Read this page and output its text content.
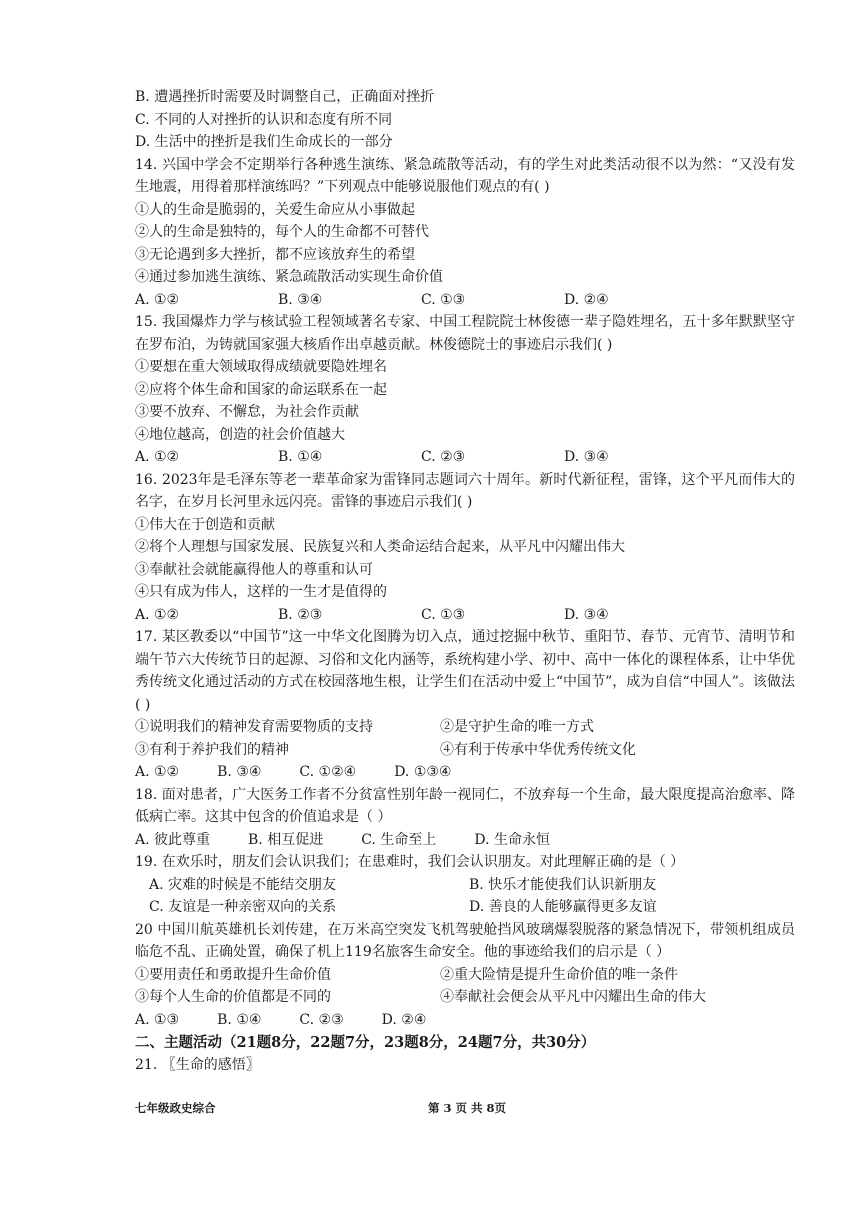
B. 遭遇挫折时需要及时调整自己，正确面对挫折
C. 不同的人对挫折的认识和态度有所不同
D. 生活中的挫折是我们生命成长的一部分
14. 兴国中学会不定期举行各种逃生演练、紧急疏散等活动，有的学生对此类活动很不以为然：“又没有发生地震，用得着那样演练吗？”下列观点中能够说服他们观点的有( )
①人的生命是脆弱的，关爱生命应从小事做起
②人的生命是独特的，每个人的生命都不可替代
③无论遇到多大挫折，都不应该放弃生的希望
④通过参加逃生演练、紧急疏散活动实现生命价值
A. ①②	B. ③④	C. ①③	D. ②④
15. 我国爆炸力学与核试验工程领域著名专家、中国工程院院士林俊德一辈子隐姓埋名，五十多年默默坚守在罗布泊，为铸就国家强大核盾作出卓越贡献。林俊德院士的事迹启示我们( )
①要想在重大领域取得成绩就要隐姓埋名
②应将个体生命和国家的命运联系在一起
③要不放弃、不懈怠，为社会作贡献
④地位越高，创造的社会价值越大
A. ①②	B. ①④	C. ②③	D. ③④
16. 2023年是毛泽东等老一辈革命家为雷锋同志题词六十周年。新时代新征程，雷锋，这个平凡而伟大的名字，在岁月长河里永远闪亮。雷锋的事迹启示我们( )
①伟大在于创造和贡献
②将个人理想与国家发展、民族复兴和人类命运结合起来，从平凡中闪耀出伟大
③奉献社会就能赢得他人的尊重和认可
④只有成为伟人，这样的一生才是值得的
A. ①②	B. ②③	C. ①③	D. ③④
17. 某区教委以“中国节”这一中华文化图腾为切入点，通过挖掘中秋节、重阳节、春节、元宵节、清明节和端午节六大传统节日的起源、习俗和文化内涵等，系统构建小学、初中、高中一体化的课程体系，让中华优秀传统文化通过活动的方式在校园落地生根，让学生们在活动中爱上“中国节”，成为自信“中国人”。该做法( )
①说明我们的精神发育需要物质的支持	②是守护生命的唯一方式
③有利于养护我们的精神	④有利于传承中华优秀传统文化
A. ①②	B. ③④	C. ①②④	D. ①③④
18. 面对患者，广大医务工作者不分贫富性别年龄一视同仁，不放弃每一个生命，最大限度提高治愈率、降低病亡率。这其中包含的价值追求是（ ）
A. 彼此尊重	B. 相互促进	C. 生命至上	D. 生命永恒
19. 在欢乐时，朋友们会认识我们；在患难时，我们会认识朋友。对此理解正确的是（ ）
A. 灾难的时候是不能结交朋友	B. 快乐才能使我们认识新朋友
C. 友谊是一种亲密双向的关系	D. 善良的人能够赢得更多友谊
20 中国川航英雄机长刘传建，在万米高空突发飞机驾驶舱挡风玻璃爆裂脱落的紧急情况下，带领机组成员临危不乱、正确处置，确保了机上119名旅客生命安全。他的事迹给我们的启示是（ ）
①要用责任和勇敢提升生命价值	②重大险情是提升生命价值的唯一条件
③每个人生命的价值都是不同的	④奉献社会便会从平凡中闪耀出生命的伟大
A. ①③	B. ①④	C. ②③	D. ②④
二、主题活动（21题8分，22题7分，23题8分，24题7分，共30分）
21. 〖生命的感悟〗
七年级政史综合	第 3 页 共 8页
